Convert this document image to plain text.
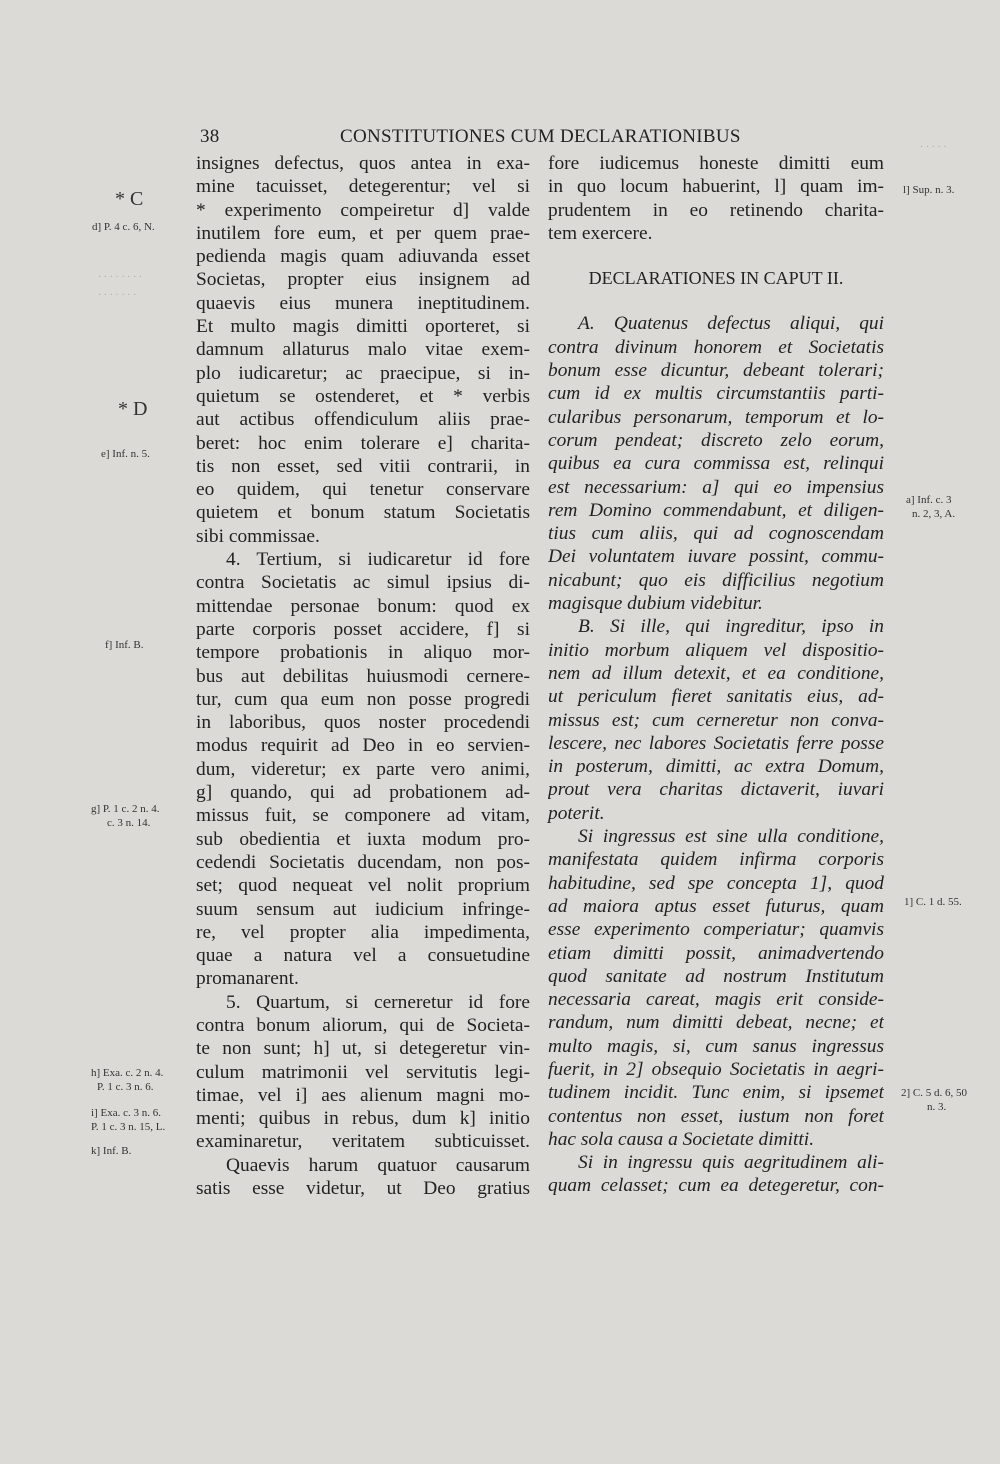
38	CONSTITUTIONES CUM DECLARATIONIBUS
· · · · · · · ·
· · · · · · ·
· · · · ·
* C
* D
d] P. 4 c. 6, N.
e] Inf. n. 5.
f] Inf. B.
g] P. 1 c. 2 n. 4.
c. 3 n. 14.
h] Exa. c. 2 n. 4.
P. 1 c. 3 n. 6.
i] Exa. c. 3 n. 6.
P. 1 c. 3 n. 15, L.
k] Inf. B.
l] Sup. n. 3.
a] Inf. c. 3
n. 2, 3, A.
1] C. 1 d. 55.
2] C. 5 d. 6, 50
n. 3.
insignes defectus, quos antea in exa-
mine tacuisset, detegerentur; vel si
* experimento compeiretur d] valde
inutilem fore eum, et per quem prae-
pedienda magis quam adiuvanda esset
Societas, propter eius insignem ad
quaevis eius munera ineptitudinem.
Et multo magis dimitti oporteret, si
damnum allaturus malo vitae exem-
plo iudicaretur; ac praecipue, si in-
quietum se ostenderet, et * verbis
aut actibus offendiculum aliis prae-
beret: hoc enim tolerare e] charita-
tis non esset, sed vitii contrarii, in
eo quidem, qui tenetur conservare
quietem et bonum statum Societatis
sibi commissae.
4. Tertium, si iudicaretur id fore
contra Societatis ac simul ipsius di-
mittendae personae bonum: quod ex
parte corporis posset accidere, f] si
tempore probationis in aliquo mor-
bus aut debilitas huiusmodi cernere-
tur, cum qua eum non posse progredi
in laboribus, quos noster procedendi
modus requirit ad Deo in eo servien-
dum, videretur; ex parte vero animi,
g] quando, qui ad probationem ad-
missus fuit, se componere ad vitam,
sub obedientia et iuxta modum pro-
cedendi Societatis ducendam, non pos-
set; quod nequeat vel nolit proprium
suum sensum aut iudicium infringe-
re, vel propter alia impedimenta,
quae a natura vel a consuetudine
promanarent.
5. Quartum, si cerneretur id fore
contra bonum aliorum, qui de Societa-
te non sunt; h] ut, si detegeretur vin-
culum matrimonii vel servitutis legi-
timae, vel i] aes alienum magni mo-
menti; quibus in rebus, dum k] initio
examinaretur, veritatem subticuisset.
Quaevis harum quatuor causarum
satis esse videtur, ut Deo gratius
fore iudicemus honeste dimitti eum
in quo locum habuerint, l] quam im-
prudentem in eo retinendo charita-
tem exercere.
DECLARATIONES IN CAPUT II.
A. Quatenus defectus aliqui, qui
contra divinum honorem et Societatis
bonum esse dicuntur, debeant tolerari;
cum id ex multis circumstantiis parti-
cularibus personarum, temporum et lo-
corum pendeat; discreto zelo eorum,
quibus ea cura commissa est, relinqui
est necessarium: a] qui eo impensius
rem Domino commendabunt, et diligen-
tius cum aliis, qui ad cognoscendam
Dei voluntatem iuvare possint, commu-
nicabunt; quo eis difficilius negotium
magisque dubium videbitur.
B. Si ille, qui ingreditur, ipso in
initio morbum aliquem vel dispositio-
nem ad illum detexit, et ea conditione,
ut periculum fieret sanitatis eius, ad-
missus est; cum cerneretur non conva-
lescere, nec labores Societatis ferre posse
in posterum, dimitti, ac extra Domum,
prout vera charitas dictaverit, iuvari
poterit.
Si ingressus est sine ulla conditione,
manifestata quidem infirma corporis
habitudine, sed spe concepta 1], quod
ad maiora aptus esset futurus, quam
esse experimento comperiatur; quamvis
etiam dimitti possit, animadvertendo
quod sanitate ad nostrum Institutum
necessaria careat, magis erit conside-
randum, num dimitti debeat, necne; et
multo magis, si, cum sanus ingressus
fuerit, in 2] obsequio Societatis in aegri-
tudinem incidit. Tunc enim, si ipsemet
contentus non esset, iustum non foret
hac sola causa a Societate dimitti.
Si in ingressu quis aegritudinem ali-
quam celasset; cum ea detegeretur, con-
